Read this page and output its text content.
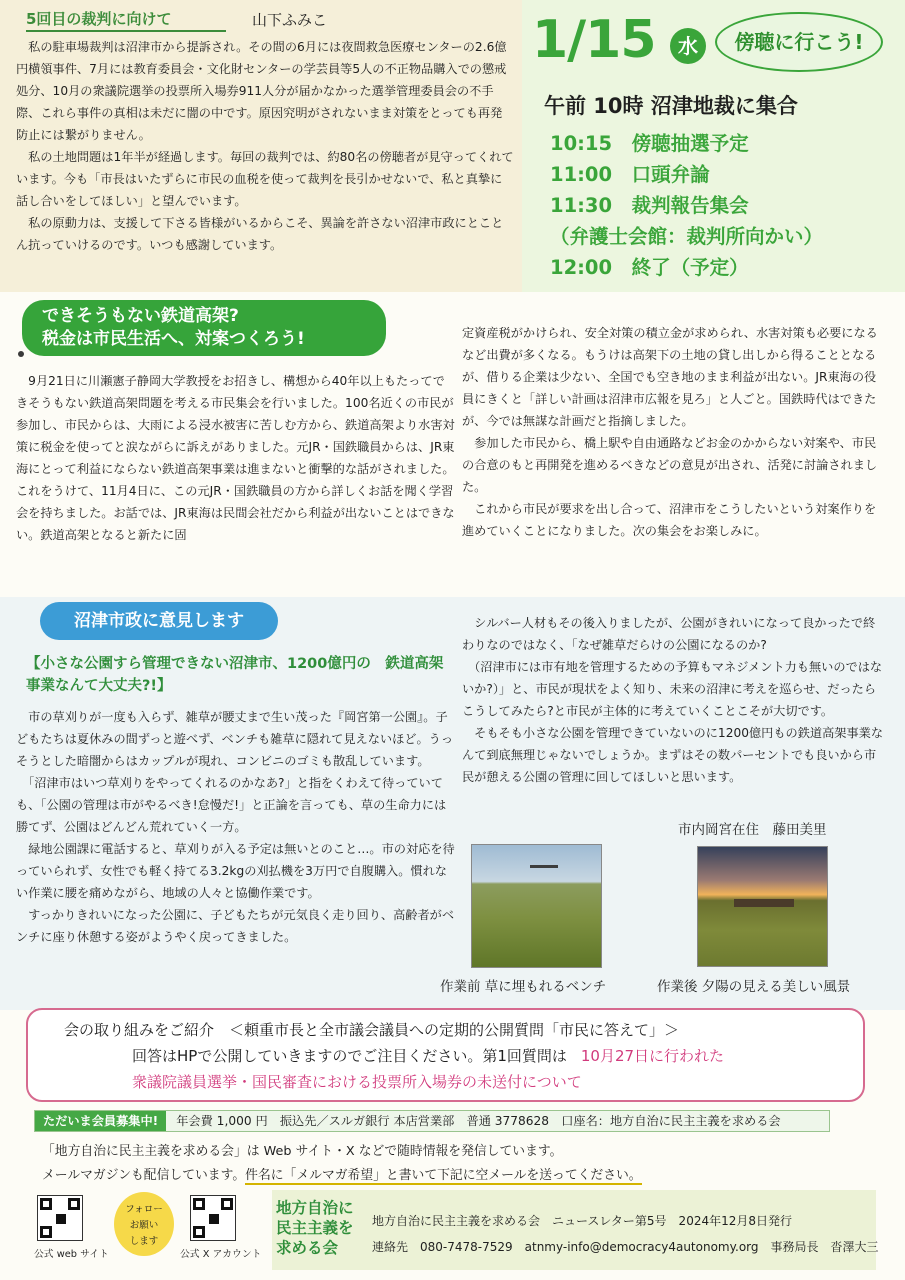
5回目の裁判に向けて	山下ふみこ

　私の駐車場裁判は沼津市から提訴され。その間の6月には夜間救急医療センターの2.6億円横領事件、7月には教育委員会・文化財センターの学芸員等5人の不正物品購入での懲戒処分、10月の衆議院選挙の投票所入場券911人分が届かなかった選挙管理委員会の不手際、これら事件の真相は未だに闇の中です。原因究明がされないまま対策をとっても再発防止には繋がりません。

　私の土地問題は1年半が経過します。毎回の裁判では、約80名の傍聴者が見守ってくれています。今も「市長はいたずらに市民の血税を使って裁判を長引かせないで、私と真摯に話し合いをしてほしい」と望んでいます。

　私の原動力は、支援して下さる皆様がいるからこそ、異論を許さない沼津市政にとことん抗っていけるのです。いつも感謝しています。

1/15	水	傍聴に行こう!
午前 10時 沼津地裁に集合
10:15　傍聴抽選予定
11:00　口頭弁論
11:30　裁判報告集会
（弁護士会館：裁判所向かい）
12:00　終了（予定）
できそうもない鉄道高架?
税金は市民生活へ、対案つくろう!
　9月21日に川瀬憲子静岡大学教授をお招きし、構想から40年以上もたってできそうもない鉄道高架問題を考える市民集会を行いました。100名近くの市民が参加し、市民からは、大雨による浸水被害に苦しむ方から、鉄道高架より水害対策に税金を使ってと涙ながらに訴えがありました。元JR・国鉄職員からは、JR東海にとって利益にならない鉄道高架事業は進まないと衝撃的な話がされました。これをうけて、11月4日に、この元JR・国鉄職員の方から詳しくお話を聞く学習会を持ちました。お話では、JR東海は民間会社だから利益が出ないことはできない。鉄道高架となると新たに固

定資産税がかけられ、安全対策の積立金が求められ、水害対策も必要になるなど出費が多くなる。もうけは高架下の土地の貸し出しから得ることとなるが、借りる企業は少ない、全国でも空き地のまま利益が出ない。JR東海の役員にきくと「詳しい計画は沼津市広報を見ろ」と人ごと。国鉄時代はできたが、今では無謀な計画だと指摘しました。

　参加した市民から、橋上駅や自由通路などお金のかからない対案や、市民の合意のもと再開発を進めるべきなどの意見が出され、活発に討論されました。

　これから市民が要求を出し合って、沼津市をこうしたいという対案作りを進めていくことになりました。次の集会をお楽しみに。

沼津市政に意見します
【小さな公園すら管理できない沼津市、1200億円の　鉄道高架事業なんて大丈夫?!】

　市の草刈りが一度も入らず、雑草が腰丈まで生い茂った『岡宮第一公園』。子どもたちは夏休みの間ずっと遊べず、ベンチも雑草に隠れて見えないほど。うっそうとした暗闇からはカップルが現れ、コンビニのゴミも散乱しています。

　「沼津市はいつ草刈りをやってくれるのかなあ?」と指をくわえて待っていても、「公園の管理は市がやるべき!怠慢だ!」と正論を言っても、草の生命力には勝てず、公園はどんどん荒れていく一方。

　緑地公園課に電話すると、草刈りが入る予定は無いとのこと…。市の対応を待っていられず、女性でも軽く持てる3.2kgの刈払機を3万円で自腹購入。慣れない作業に腰を痛めながら、地域の人々と協働作業です。

　すっかりきれいになった公園に、子どもたちが元気良く走り回り、高齢者がベンチに座り休憩する姿がようやく戻ってきました。

　シルバー人材もその後入りましたが、公園がきれいになって良かったで終わりなのではなく、「なぜ雑草だらけの公園になるのか?

　（沼津市には市有地を管理するための予算もマネジメント力も無いのではないか?）」と、市民が現状をよく知り、未来の沼津に考えを巡らせ、だったらこうしてみたら?と市民が主体的に考えていくことこそが大切です。

　そもそも小さな公園を管理できていないのに1200億円もの鉄道高架事業なんて到底無理じゃないでしょうか。まずはその数パーセントでも良いから市民が憩える公園の管理に回してほしいと思います。

市内岡宮在住　藤田美里
作業前 草に埋もれるベンチ	作業後 夕陽の見える美しい風景
会の取り組みをご紹介　＜頼重市長と全市議会議員への定期的公開質問「市民に答えて」＞
回答はHPで公開していきますのでご注目ください。第1回質問は 10月27日に行われた
衆議院議員選挙・国民審査における投票所入場券の未送付について
ただいま会員募集中! 年会費 1,000 円　振込先／スルガ銀行 本店営業部　普通 3778628　口座名：地方自治に民主主義を求める会
「地方自治に民主主義を求める会」は Web サイト・X などで随時情報を発信しています。
メールマガジンも配信しています。件名に「メルマガ希望」と書いて下記に空メールを送ってください。
公式 web サイト
フォロー
お願い
します
公式 X アカウント
地方自治に民主主義を求める会
地方自治に民主主義を求める会　ニュースレター第5号　2024年12月8日発行
連絡先　080-7478-7529　atnmy-info@democracy4autonomy.org　事務局長　沓澤大三
